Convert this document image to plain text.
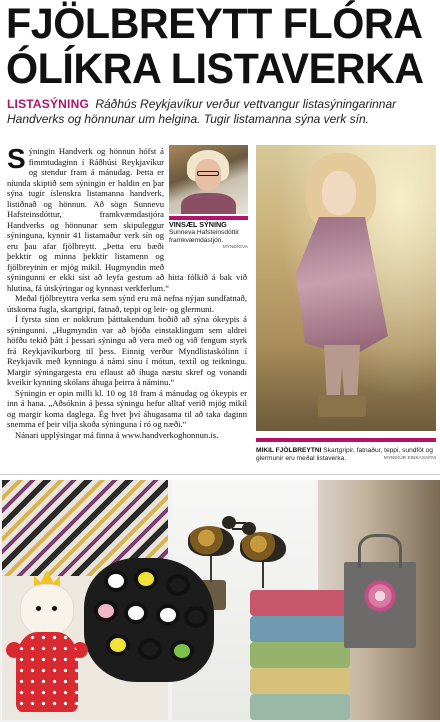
FJÖLBREYTT FLÓRA
ÓLÍKRA LISTAVERKA
LISTASÝNING Ráðhús Reykjavíkur verður vettvangur listasýningarinnar Handverks og hönnunar um helgina. Tugir listamanna sýna verk sín.
VINSÆL SÝNING
Sunneva Hafsteinsdóttir framkvæmdastjóri.
MYND/GVA

Sýningin Handverk og hönnun hófst á fimmtudaginn í Ráðhúsi Reykjavíkur og stendur fram á mánudag. Þetta er níunda skiptið sem sýningin er haldin en þar sýna tugir íslenskra listamanna handverk, listiðnað og hönnun. Að sögn Sunnevu Hafsteinsdóttur, framkvæmdastjóra Handverks og hönnunar sem skipuleggur sýninguna, kynnir 41 listamaður verk sín og eru þau afar fjölbreytt. „Þetta eru bæði þekktir og minna þekktir listamenn og fjölbreytnin er mjög mikil. Hugmyndin með sýningunni er ekki síst að leyfa gestum að hitta fólkið á bak við hlutina, fá útskýringar og kynnast verkferlum.“

Meðal fjölbreyttra verka sem sýnd eru má nefna nýjan sundfatnað, útskorna fugla, skartgripi, fatnað, teppi og leir- og glermuni.

Í fyrsta sinn er nokkrum þátttakendum boðið að sýna ókeypis á sýningunni. „Hugmyndin var að bjóða einstaklingum sem aldrei höfðu tekið þátt í þessari sýningu að vera með og við fengum styrk frá Reykjavíkurborg til þess. Einnig verður Myndlistaskólinn í Reykjavík með kynningu á námi sínu í mótun, textíl og teikningu. Margir sýningargesta eru eflaust að íhuga næstu skref og vonandi kveikir kynning skólans áhuga þeirra á náminu.“

Sýningin er opin milli kl. 10 og 18 fram á mánudag og ókeypis er inn á hana. „Aðsóknin á þessa sýningu hefur alltaf verið mjög mikil og margir koma daglega. Ég hvet því áhugasama til að taka daginn snemma ef þeir vilja skoða sýninguna í ró og næði.“

Nánari upplýsingar má finna á www.handverkoghonnun.is.

MIKIL FJÖLBREYTNI Skartgripir, fatnaður, teppi, sundföt og glermunir eru meðal listaverka.	MYND/ÚR EINKASAFNI
